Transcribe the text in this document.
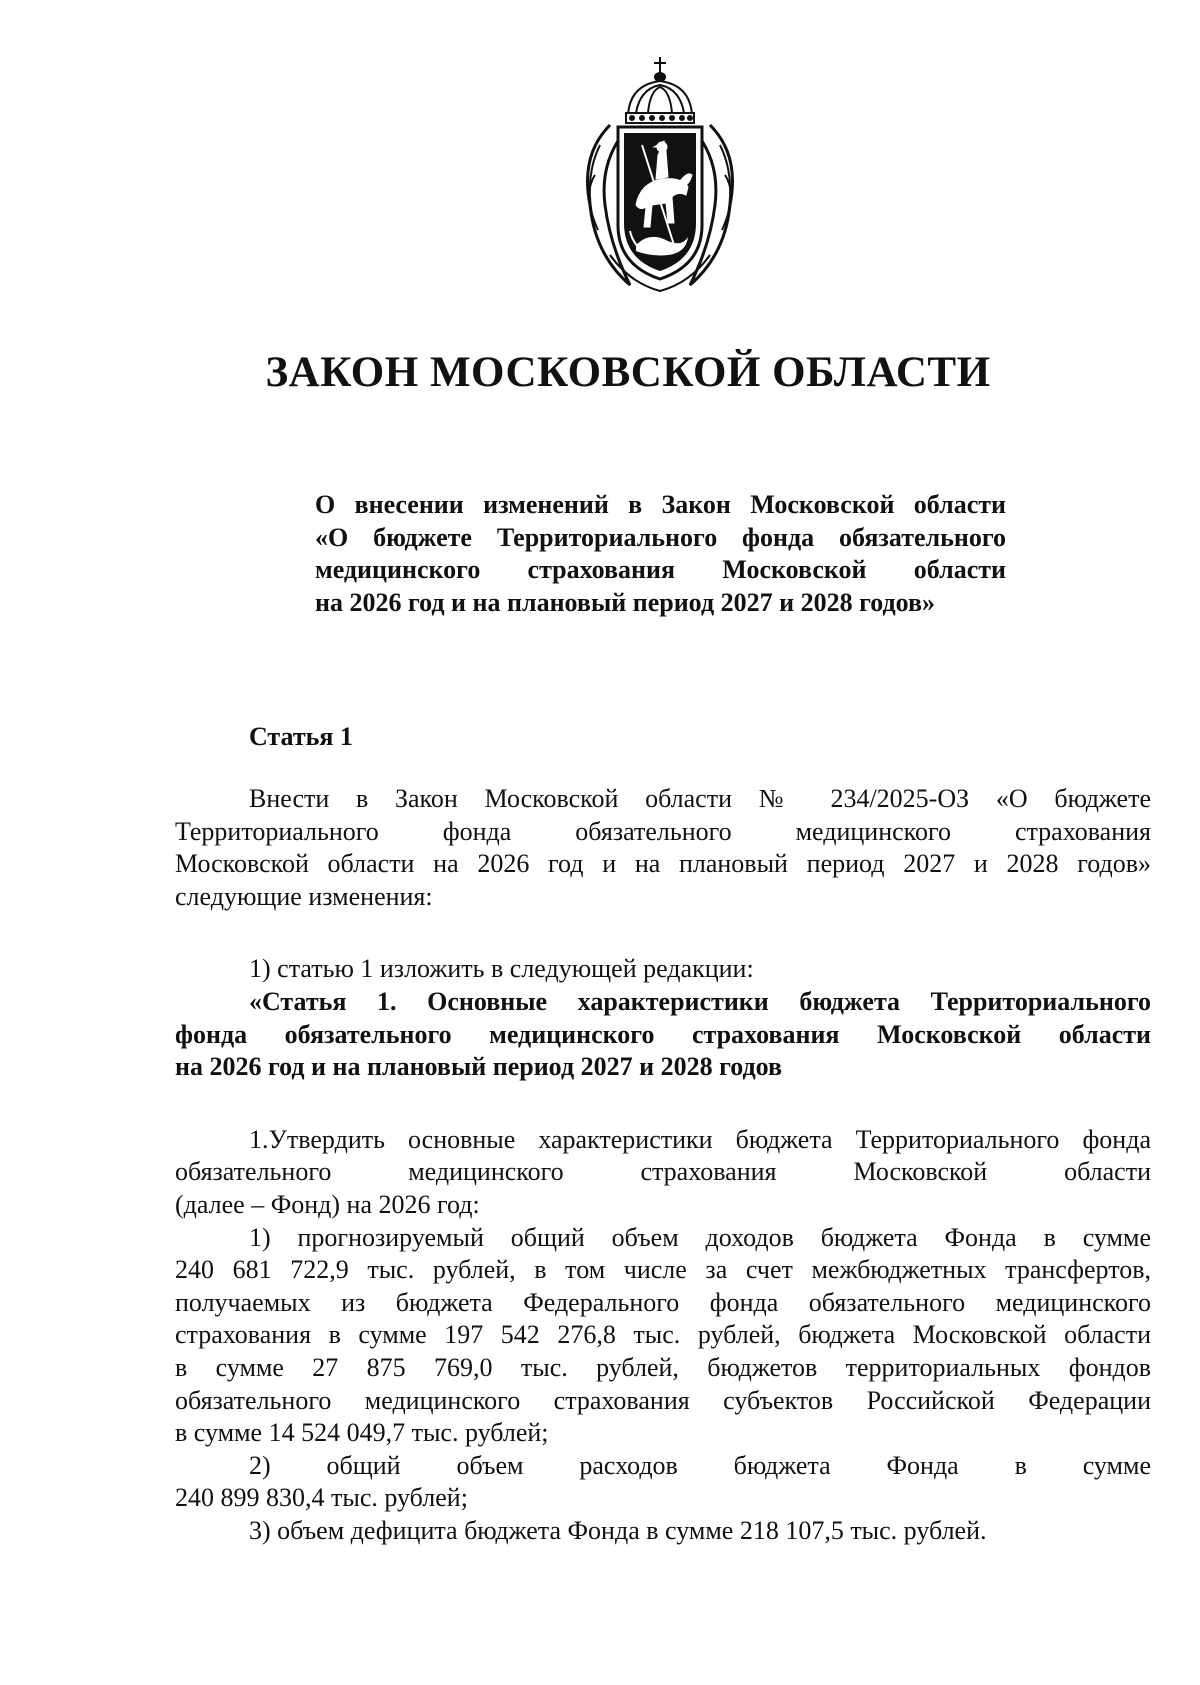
ЗАКОН МОСКОВСКОЙ ОБЛАСТИ
О внесении изменений в Закон Московской области
«О бюджете Территориального фонда обязательного
медицинского страхования Московской области
на 2026 год и на плановый период 2027 и 2028 годов»
Статья 1
Внести в Закон Московской области № 234/2025-ОЗ «О бюджете
Территориального фонда обязательного медицинского страхования
Московской области на 2026 год и на плановый период 2027 и 2028 годов»
следующие изменения:
1) статью 1 изложить в следующей редакции:
«Статья 1. Основные характеристики бюджета Территориального
фонда обязательного медицинского страхования Московской области
на 2026 год и на плановый период 2027 и 2028 годов
1.Утвердить основные характеристики бюджета Территориального фонда
обязательного медицинского страхования Московской области
(далее – Фонд) на 2026 год:
1) прогнозируемый общий объем доходов бюджета Фонда в сумме
240 681 722,9 тыс. рублей, в том числе за счет межбюджетных трансфертов,
получаемых из бюджета Федерального фонда обязательного медицинского
страхования в сумме 197 542 276,8 тыс. рублей, бюджета Московской области
в сумме 27 875 769,0 тыс. рублей, бюджетов территориальных фондов
обязательного медицинского страхования субъектов Российской Федерации
в сумме 14 524 049,7 тыс. рублей;
2) общий объем расходов бюджета Фонда в сумме
240 899 830,4 тыс. рублей;
3) объем дефицита бюджета Фонда в сумме 218 107,5 тыс. рублей.
